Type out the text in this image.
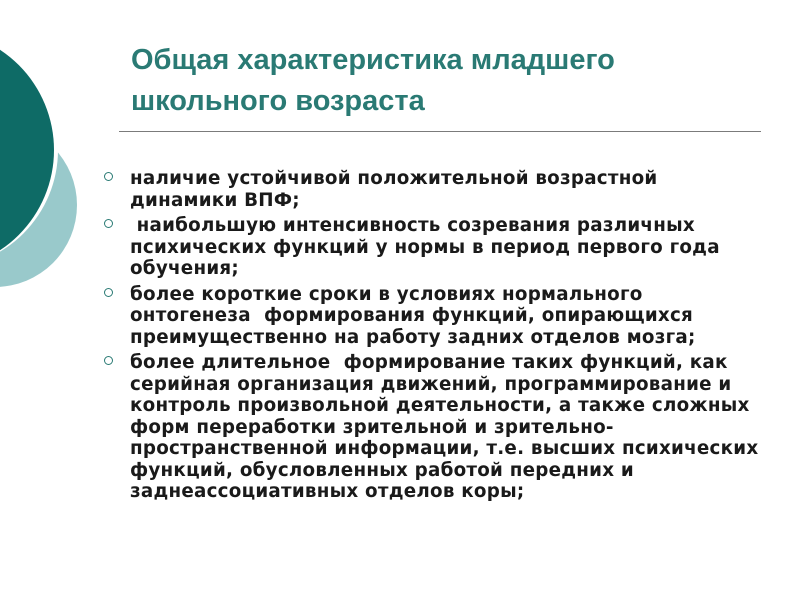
Общая характеристика младшего школьного возраста
наличие устойчивой положительной возрастной динамики ВПФ;
наибольшую интенсивность созревания различных психических функций у нормы в период первого года обучения;
более короткие сроки в условиях нормального онтогенеза  формирования функций, опирающихся преимущественно на работу задних отделов мозга;
более длительное  формирование таких функций, как серийная организация движений, программирование и контроль произвольной деятельности, а также сложных форм переработки зрительной и зрительно-пространственной информации, т.е. высших психических функций, обусловленных работой передних и заднеассоциативных отделов коры;
